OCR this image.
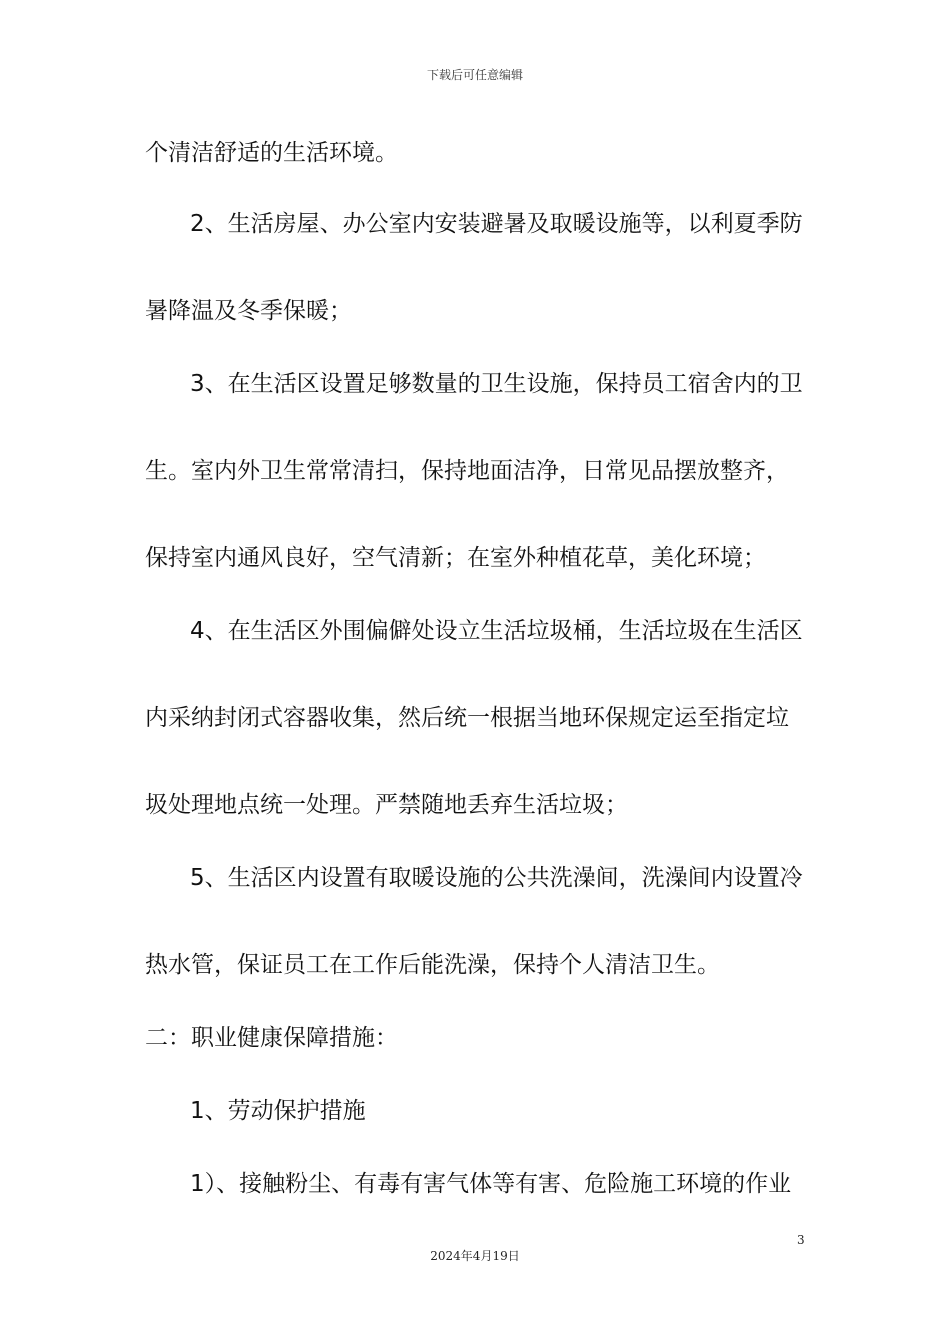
下载后可任意编辑
个清洁舒适的生活环境。
2、生活房屋、办公室内安装避暑及取暖设施等，以利夏季防
暑降温及冬季保暖；
3、在生活区设置足够数量的卫生设施，保持员工宿舍内的卫
生。室内外卫生常常清扫，保持地面洁净，日常见品摆放整齐，
保持室内通风良好，空气清新；在室外种植花草，美化环境；
4、在生活区外围偏僻处设立生活垃圾桶，生活垃圾在生活区
内采纳封闭式容器收集，然后统一根据当地环保规定运至指定垃
圾处理地点统一处理。严禁随地丢弃生活垃圾；
5、生活区内设置有取暖设施的公共洗澡间，洗澡间内设置冷
热水管，保证员工在工作后能洗澡，保持个人清洁卫生。
二：职业健康保障措施：
1、劳动保护措施
1）、接触粉尘、有毒有害气体等有害、危险施工环境的作业
3
2024年4月19日
